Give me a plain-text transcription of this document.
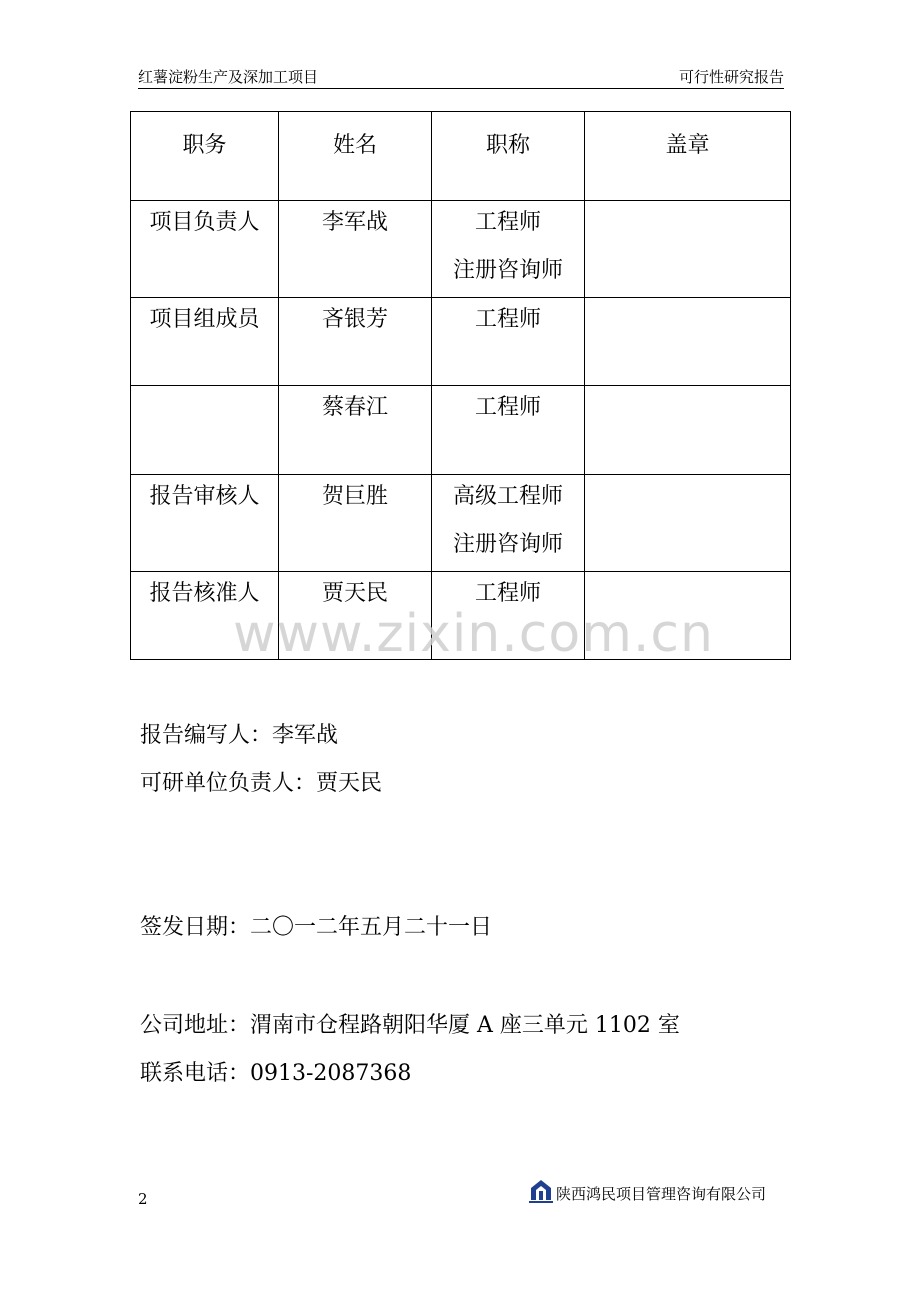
红薯淀粉生产及深加工项目	可行性研究报告
职务	姓名	职称	盖章

项目负责人	李军战	工程师
注册咨询师	

项目组成员	吝银芳	工程师	

	蔡春江	工程师	

报告审核人	贺巨胜	高级工程师
注册咨询师	

报告核准人	贾天民	工程师	

www.zixin.com.cn
报告编写人：李军战
可研单位负责人：贾天民
签发日期：二〇一二年五月二十一日
公司地址：渭南市仓程路朝阳华厦 A 座三单元 1102 室
联系电话：0913-2087368
2	陕西鸿民项目管理咨询有限公司
